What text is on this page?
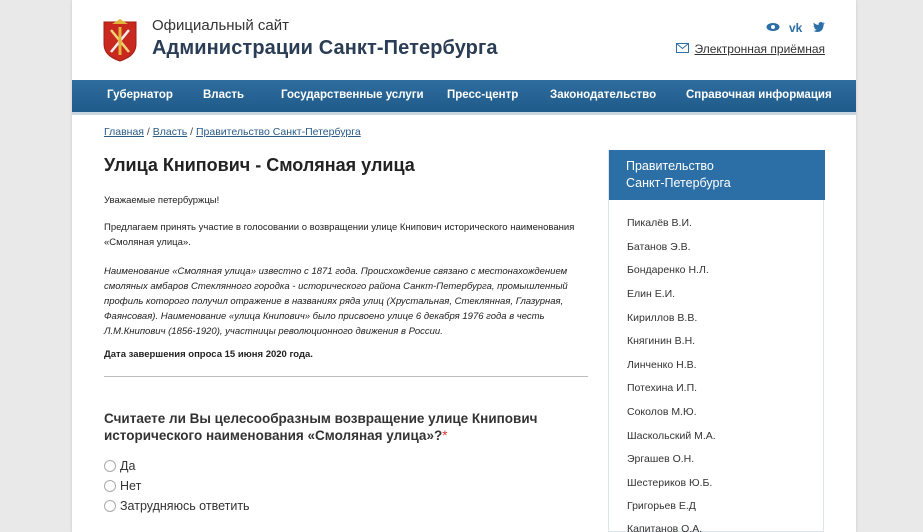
Официальный сайт
Администрации Санкт-Петербурга
vk
Электронная приёмная
Губернатор	Власть	Государственные услуги Пресс-центр	Законодательство	Справочная информация
Главная / Власть / Правительство Санкт-Петербурга
Улица Книпович - Смоляная улица

Уважаемые петербуржцы!

Предлагаем принять участие в голосовании о возвращении улице Книпович исторического наименования «Смоляная улица».

Наименование «Смоляная улица» известно с 1871 года. Происхождение связано с местонахождением смоляных амбаров Стеклянного городка - исторического района Санкт-Петербурга, промышленный профиль которого получил отражение в названиях ряда улиц (Хрустальная, Стеклянная, Глазурная, Фаянсовая). Наименование «улица Книпович» было присвоено улице 6 декабря 1976 года в честь Л.М.Книпович (1856-1920), участницы революционного движения в России.

Дата завершения опроса 15 июня 2020 года.

Считаете ли Вы целесообразным возвращение улице Книпович исторического наименования «Смоляная улица»?*
Да
Нет
Затрудняюсь ответить
Правительство
Санкт-Петербурга
Пикалёв В.И.
Батанов Э.В.
Бондаренко Н.Л.
Елин Е.И.
Кириллов В.В.
Княгинин В.Н.
Линченко Н.В.
Потехина И.П.
Соколов М.Ю.
Шаскольский М.А.
Эргашев О.Н.
Шестериков Ю.Б.
Григорьев Е.Д
Капитанов О.А.
